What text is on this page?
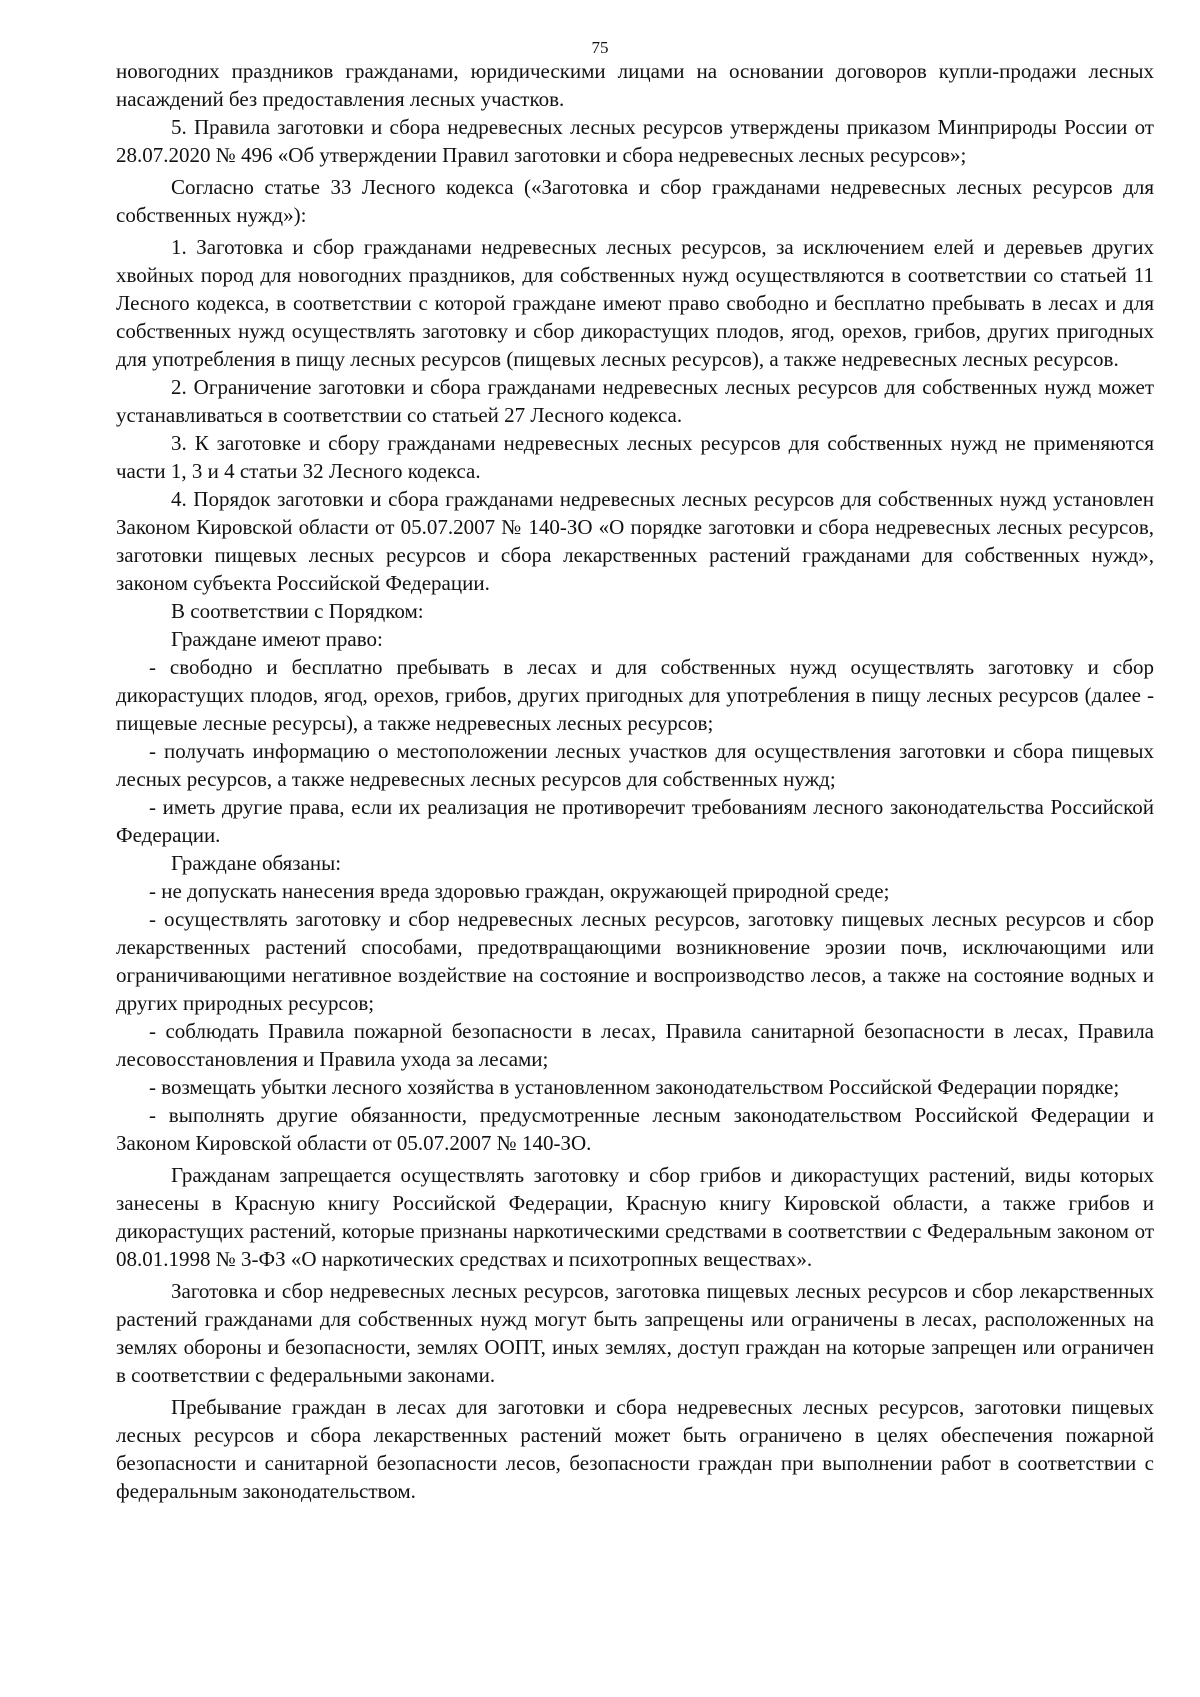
75

новогодних праздников гражданами, юридическими лицами на основании договоров купли-продажи лесных насаждений без предоставления лесных участков.

5. Правила заготовки и сбора недревесных лесных ресурсов утверждены приказом Минприроды России от 28.07.2020 № 496 «Об утверждении Правил заготовки и сбора недревесных лесных ресурсов»;

Согласно статье 33 Лесного кодекса («Заготовка и сбор гражданами недревесных лесных ресурсов для собственных нужд»):

1. Заготовка и сбор гражданами недревесных лесных ресурсов, за исключением елей и деревьев других хвойных пород для новогодних праздников, для собственных нужд осуществляются в соответствии со статьей 11 Лесного кодекса, в соответствии с которой граждане имеют право свободно и бесплатно пребывать в лесах и для собственных нужд осуществлять заготовку и сбор дикорастущих плодов, ягод, орехов, грибов, других пригодных для употребления в пищу лесных ресурсов (пищевых лесных ресурсов), а также недревесных лесных ресурсов.

2. Ограничение заготовки и сбора гражданами недревесных лесных ресурсов для собственных нужд может устанавливаться в соответствии со статьей 27 Лесного кодекса.

3. К заготовке и сбору гражданами недревесных лесных ресурсов для собственных нужд не применяются части 1, 3 и 4 статьи 32 Лесного кодекса.

4. Порядок заготовки и сбора гражданами недревесных лесных ресурсов для собственных нужд установлен Законом Кировской области от 05.07.2007 № 140-ЗО «О порядке заготовки и сбора недревесных лесных ресурсов, заготовки пищевых лесных ресурсов и сбора лекарственных растений гражданами для собственных нужд», законом субъекта Российской Федерации.

В соответствии с Порядком:

Граждане имеют право:

- свободно и бесплатно пребывать в лесах и для собственных нужд осуществлять заготовку и сбор дикорастущих плодов, ягод, орехов, грибов, других пригодных для употребления в пищу лесных ресурсов (далее - пищевые лесные ресурсы), а также недревесных лесных ресурсов;

- получать информацию о местоположении лесных участков для осуществления заготовки и сбора пищевых лесных ресурсов, а также недревесных лесных ресурсов для собственных нужд;

- иметь другие права, если их реализация не противоречит требованиям лесного законодательства Российской Федерации.

Граждане обязаны:

- не допускать нанесения вреда здоровью граждан, окружающей природной среде;

- осуществлять заготовку и сбор недревесных лесных ресурсов, заготовку пищевых лесных ресурсов и сбор лекарственных растений способами, предотвращающими возникновение эрозии почв, исключающими или ограничивающими негативное воздействие на состояние и воспроизводство лесов, а также на состояние водных и других природных ресурсов;

- соблюдать Правила пожарной безопасности в лесах, Правила санитарной безопасности в лесах, Правила лесовосстановления и Правила ухода за лесами;

- возмещать убытки лесного хозяйства в установленном законодательством Российской Федерации порядке;

- выполнять другие обязанности, предусмотренные лесным законодательством Российской Федерации и Законом Кировской области от 05.07.2007 № 140-ЗО.

Гражданам запрещается осуществлять заготовку и сбор грибов и дикорастущих растений, виды которых занесены в Красную книгу Российской Федерации, Красную книгу Кировской области, а также грибов и дикорастущих растений, которые признаны наркотическими средствами в соответствии с Федеральным законом от 08.01.1998 № 3-ФЗ «О наркотических средствах и психотропных веществах».

Заготовка и сбор недревесных лесных ресурсов, заготовка пищевых лесных ресурсов и сбор лекарственных растений гражданами для собственных нужд могут быть запрещены или ограничены в лесах, расположенных на землях обороны и безопасности, землях ООПТ, иных землях, доступ граждан на которые запрещен или ограничен в соответствии с федеральными законами.

Пребывание граждан в лесах для заготовки и сбора недревесных лесных ресурсов, заготовки пищевых лесных ресурсов и сбора лекарственных растений может быть ограничено в целях обеспечения пожарной безопасности и санитарной безопасности лесов, безопасности граждан при выполнении работ в соответствии с федеральным законодательством.
